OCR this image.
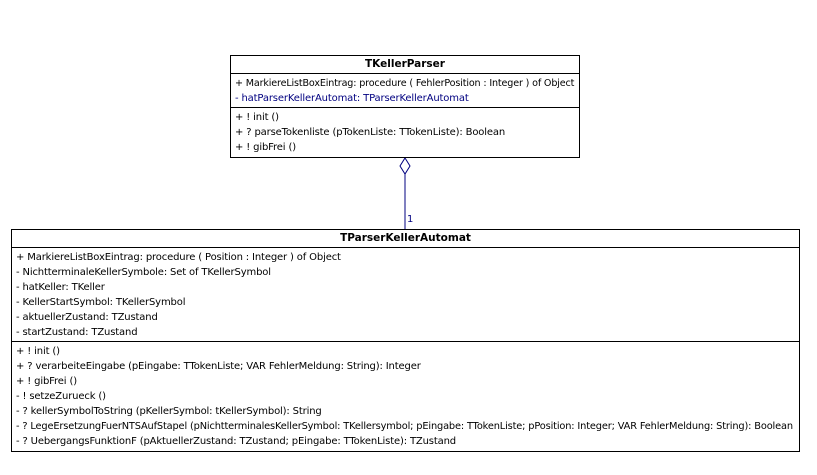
1
TKellerParser
+ MarkiereListBoxEintrag: procedure ( FehlerPosition : Integer ) of Object
- hatParserKellerAutomat: TParserKellerAutomat
+ ! init ()
+ ? parseTokenliste (pTokenListe: TTokenListe): Boolean
+ ! gibFrei ()
TParserKellerAutomat
+ MarkiereListBoxEintrag: procedure ( Position : Integer ) of Object
- NichtterminaleKellerSymbole: Set of TKellerSymbol
- hatKeller: TKeller
- KellerStartSymbol: TKellerSymbol
- aktuellerZustand: TZustand
- startZustand: TZustand
+ ! init ()
+ ? verarbeiteEingabe (pEingabe: TTokenListe; VAR FehlerMeldung: String): Integer
+ ! gibFrei ()
- ! setzeZurueck ()
- ? kellerSymbolToString (pKellerSymbol: tKellerSymbol): String
- ? LegeErsetzungFuerNTSAufStapel (pNichtterminalesKellerSymbol: TKellersymbol; pEingabe: TTokenListe; pPosition: Integer; VAR FehlerMeldung: String): Boolean
- ? UebergangsFunktionF (pAktuellerZustand: TZustand; pEingabe: TTokenListe): TZustand
